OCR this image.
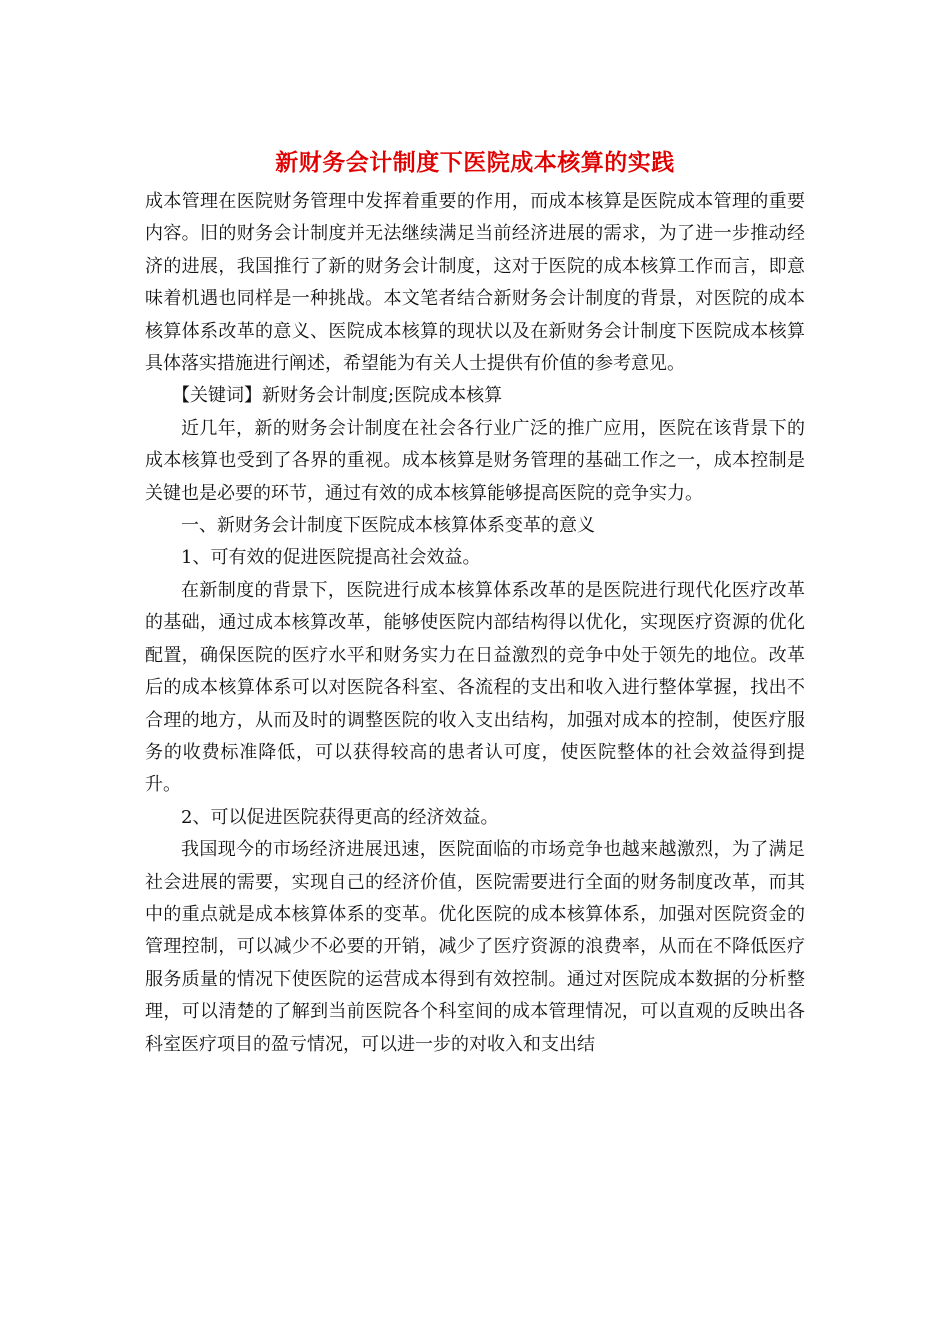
新财务会计制度下医院成本核算的实践

成本管理在医院财务管理中发挥着重要的作用，而成本核算是医院成本管理的重要内容。旧的财务会计制度并无法继续满足当前经济进展的需求，为了进一步推动经济的进展，我国推行了新的财务会计制度，这对于医院的成本核算工作而言，即意味着机遇也同样是一种挑战。本文笔者结合新财务会计制度的背景，对医院的成本核算体系改革的意义、医院成本核算的现状以及在新财务会计制度下医院成本核算具体落实措施进行阐述，希望能为有关人士提供有价值的参考意见。

【关键词】新财务会计制度;医院成本核算

近几年，新的财务会计制度在社会各行业广泛的推广应用，医院在该背景下的成本核算也受到了各界的重视。成本核算是财务管理的基础工作之一，成本控制是关键也是必要的环节，通过有效的成本核算能够提高医院的竞争实力。

一、新财务会计制度下医院成本核算体系变革的意义

1、可有效的促进医院提高社会效益。

在新制度的背景下，医院进行成本核算体系改革的是医院进行现代化医疗改革的基础，通过成本核算改革，能够使医院内部结构得以优化，实现医疗资源的优化配置，确保医院的医疗水平和财务实力在日益激烈的竞争中处于领先的地位。改革后的成本核算体系可以对医院各科室、各流程的支出和收入进行整体掌握，找出不合理的地方，从而及时的调整医院的收入支出结构，加强对成本的控制，使医疗服务的收费标准降低，可以获得较高的患者认可度，使医院整体的社会效益得到提升。

2、可以促进医院获得更高的经济效益。

我国现今的市场经济进展迅速，医院面临的市场竞争也越来越激烈，为了满足社会进展的需要，实现自己的经济价值，医院需要进行全面的财务制度改革，而其中的重点就是成本核算体系的变革。优化医院的成本核算体系，加强对医院资金的管理控制，可以减少不必要的开销，减少了医疗资源的浪费率，从而在不降低医疗服务质量的情况下使医院的运营成本得到有效控制。通过对医院成本数据的分析整理，可以清楚的了解到当前医院各个科室间的成本管理情况，可以直观的反映出各科室医疗项目的盈亏情况，可以进一步的对收入和支出结
